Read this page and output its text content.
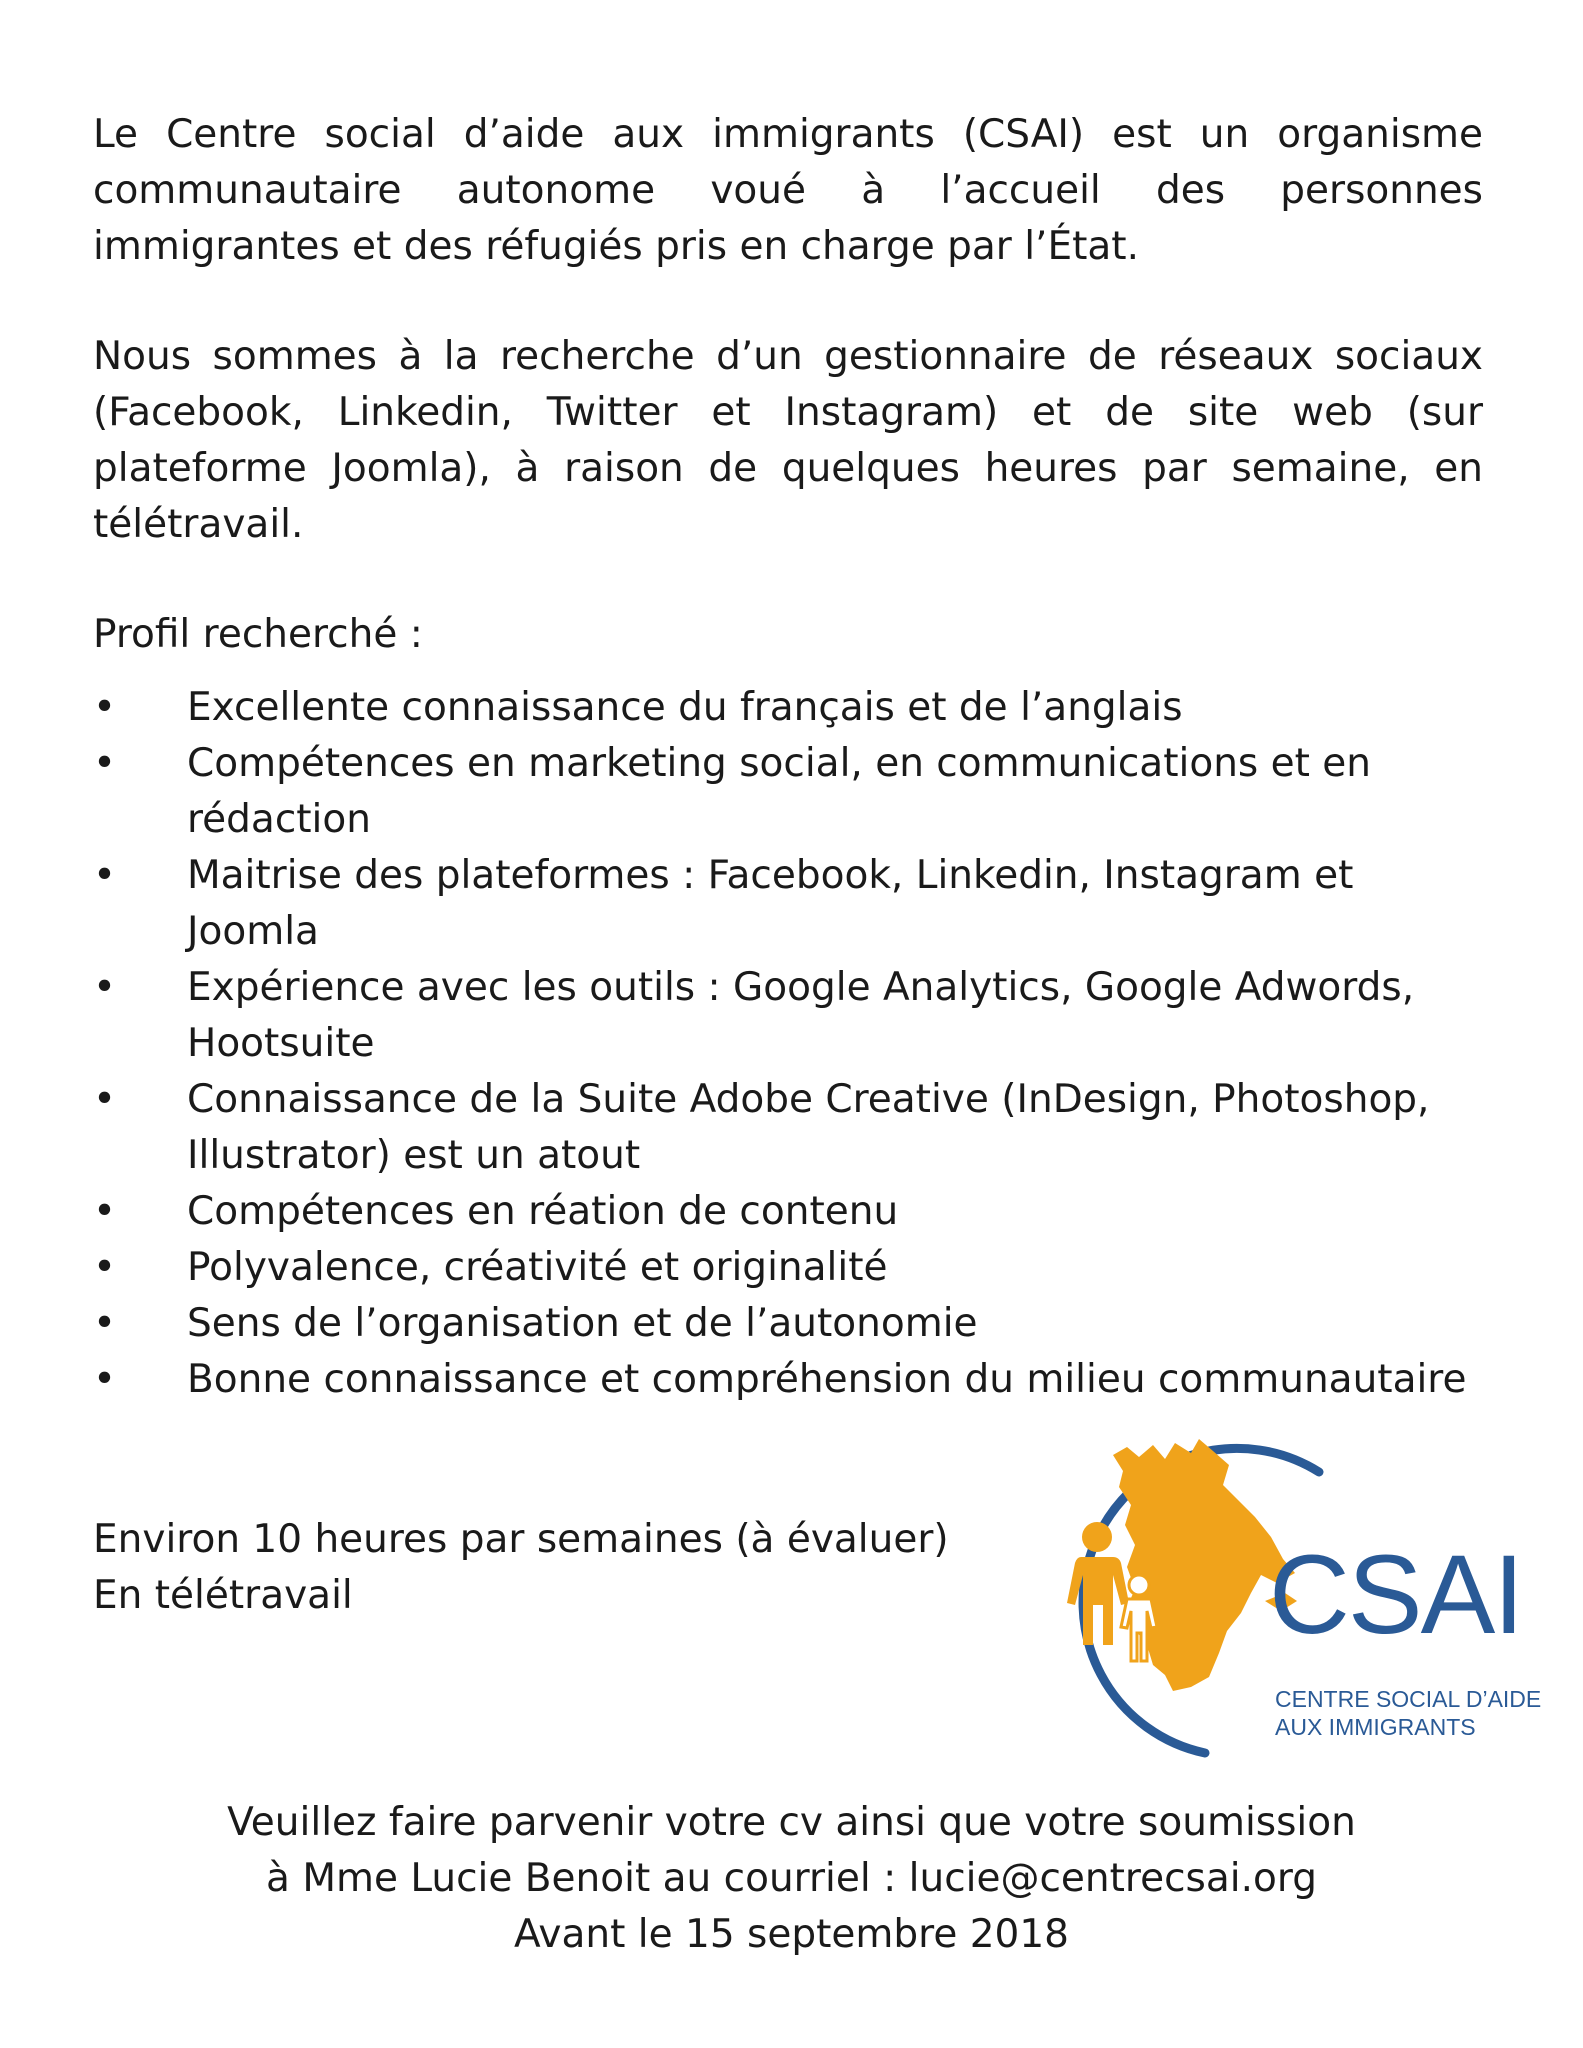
Le Centre social d’aide aux immigrants (CSAI) est un organisme communautaire autonome voué à l’accueil des personnes immigrantes et des réfugiés pris en charge par l’État.

Nous sommes à la recherche d’un gestionnaire de réseaux sociaux (Facebook, Linkedin, Twitter et Instagram) et de site web (sur plateforme Joomla), à raison de quelques heures par semaine, en télétravail.

Profil recherché :

• Excellente connaissance du français et de l’anglais
• Compétences en marketing social, en communications et en rédaction
• Maitrise des plateformes : Facebook, Linkedin, Instagram et Joomla
• Expérience avec les outils : Google Analytics, Google Adwords, Hootsuite
• Connaissance de la Suite Adobe Creative (InDesign, Photoshop, Illustrator) est un atout
• Compétences en réation de contenu
• Polyvalence, créativité et originalité
• Sens de l’organisation et de l’autonomie
• Bonne connaissance et compréhension du milieu communautaire
Environ 10 heures par semaines (à évaluer)
En télétravail	CSAI
CENTRE SOCIAL D’AIDE
AUX IMMIGRANTS
Veuillez faire parvenir votre cv ainsi que votre soumission
à Mme Lucie Benoit au courriel : lucie@centrecsai.org
Avant le 15 septembre 2018
